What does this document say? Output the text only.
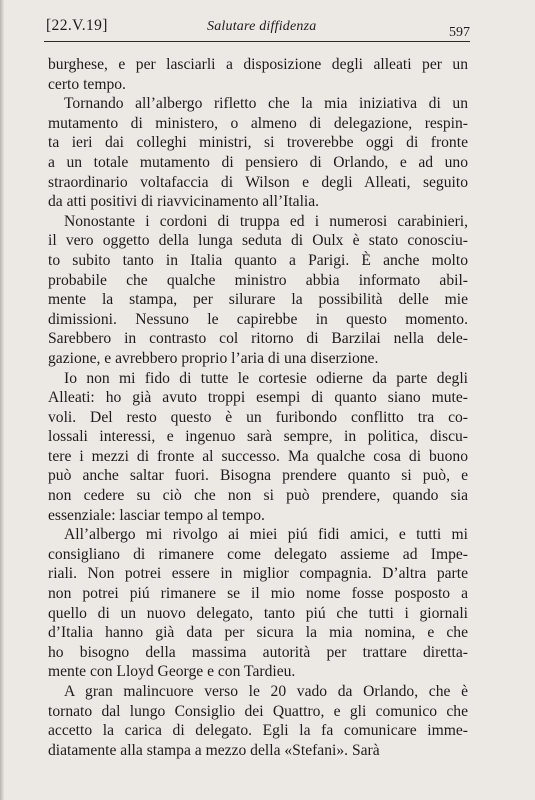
[22.V.19]	Salutare diffidenza	597
burghese, e per lasciarli a disposizione degli alleati per un
certo tempo.
Tornando all’albergo rifletto che la mia iniziativa di un
mutamento di ministero, o almeno di delegazione, respin-
ta ieri dai colleghi ministri, si troverebbe oggi di fronte
a un totale mutamento di pensiero di Orlando, e ad uno
straordinario voltafaccia di Wilson e degli Alleati, seguito
da atti positivi di riavvicinamento all’Italia.
Nonostante i cordoni di truppa ed i numerosi carabinieri,
il vero oggetto della lunga seduta di Oulx è stato conosciu-
to subito tanto in Italia quanto a Parigi. È anche molto
probabile che qualche ministro abbia informato abil-
mente la stampa, per silurare la possibilità delle mie
dimissioni. Nessuno le capirebbe in questo momento.
Sarebbero in contrasto col ritorno di Barzilai nella dele-
gazione, e avrebbero proprio l’aria di una diserzione.
Io non mi fido di tutte le cortesie odierne da parte degli
Alleati: ho già avuto troppi esempi di quanto siano mute-
voli. Del resto questo è un furibondo conflitto tra co-
lossali interessi, e ingenuo sarà sempre, in politica, discu-
tere i mezzi di fronte al successo. Ma qualche cosa di buono
può anche saltar fuori. Bisogna prendere quanto si può, e
non cedere su ciò che non si può prendere, quando sia
essenziale: lasciar tempo al tempo.
All’albergo mi rivolgo ai miei piú fidi amici, e tutti mi
consigliano di rimanere come delegato assieme ad Impe-
riali. Non potrei essere in miglior compagnia. D’altra parte
non potrei piú rimanere se il mio nome fosse posposto a
quello di un nuovo delegato, tanto piú che tutti i giornali
d’Italia hanno già data per sicura la mia nomina, e che
ho bisogno della massima autorità per trattare diretta-
mente con Lloyd George e con Tardieu.
A gran malincuore verso le 20 vado da Orlando, che è
tornato dal lungo Consiglio dei Quattro, e gli comunico che
accetto la carica di delegato. Egli la fa comunicare imme-
diatamente alla stampa a mezzo della «Stefani». Sarà
